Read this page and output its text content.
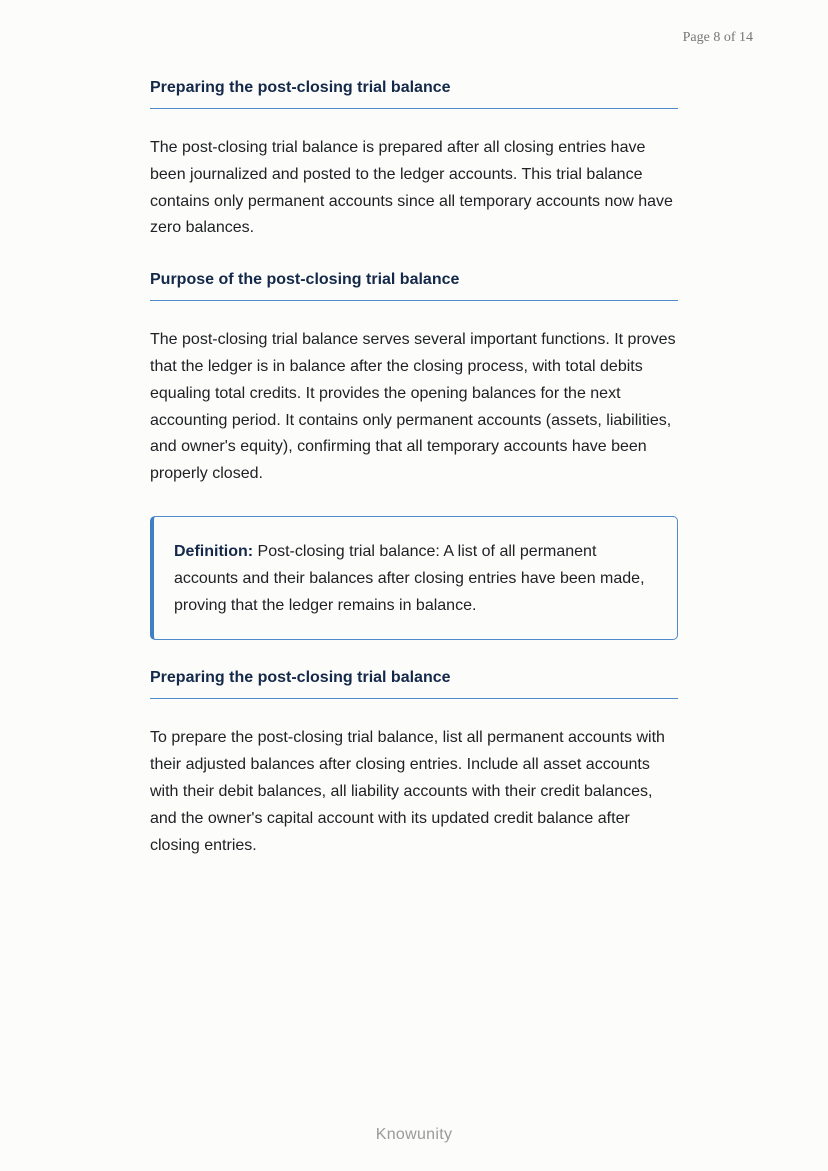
Page 8 of 14
Preparing the post-closing trial balance

The post-closing trial balance is prepared after all closing entries have been journalized and posted to the ledger accounts. This trial balance contains only permanent accounts since all temporary accounts now have zero balances.

Purpose of the post-closing trial balance

The post-closing trial balance serves several important functions. It proves that the ledger is in balance after the closing process, with total debits equaling total credits. It provides the opening balances for the next accounting period. It contains only permanent accounts (assets, liabilities, and owner's equity), confirming that all temporary accounts have been properly closed.

Definition: Post-closing trial balance: A list of all permanent accounts and their balances after closing entries have been made, proving that the ledger remains in balance.

Preparing the post-closing trial balance

To prepare the post-closing trial balance, list all permanent accounts with their adjusted balances after closing entries. Include all asset accounts with their debit balances, all liability accounts with their credit balances, and the owner's capital account with its updated credit balance after closing entries.

Knowunity
